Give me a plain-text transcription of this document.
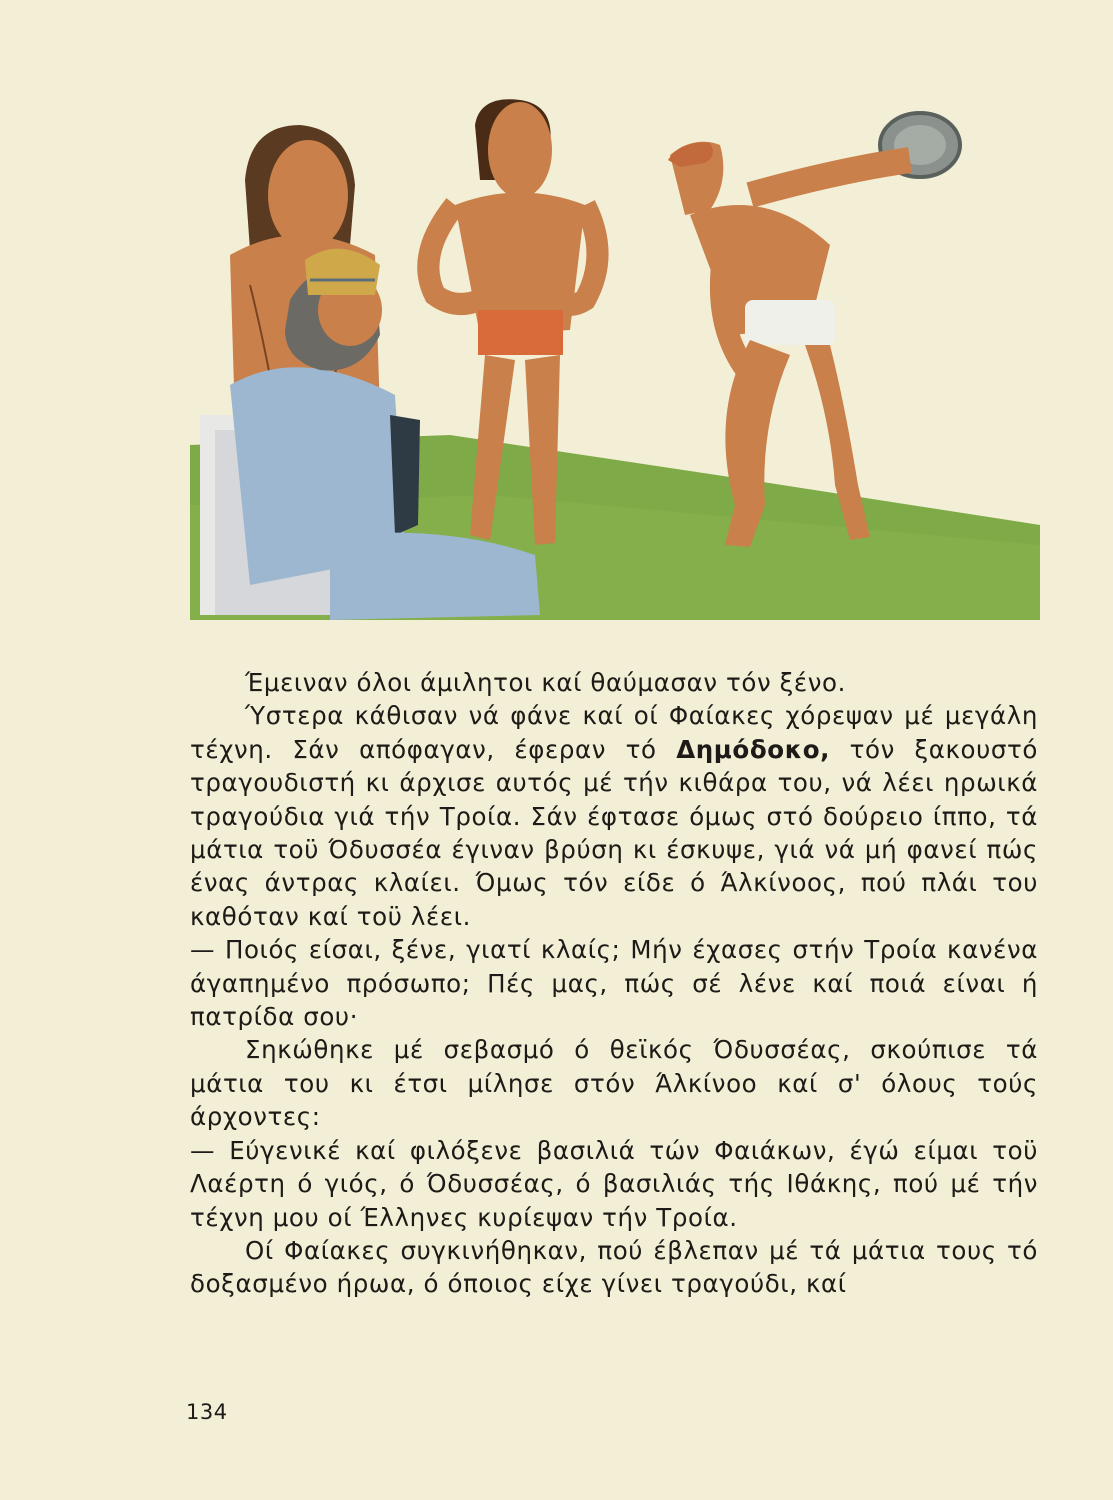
Έμειναν όλοι άμιλητοι καί θαύμασαν τόν ξένο.

Ύστερα κάθισαν νά φάνε καί οί Φαίακες χόρεψαν μέ μεγάλη τέχνη. Σάν απόφαγαν, έφεραν τό Δημόδοκο, τόν ξακουστό τραγουδιστή κι άρχισε αυτός μέ τήν κιθάρα του, νά λέει ηρωικά τραγούδια γιά τήν Τροία. Σάν έφτασε όμως στό δούρειο ίππο, τά μάτια τοϋ Όδυσσέα έγιναν βρύση κι έσκυψε, γιά νά μή φανεί πώς ένας άντρας κλαίει. Όμως τόν είδε ό Άλκίνοος, πού πλάι του καθόταν καί τοϋ λέει.

— Ποιός είσαι, ξένε, γιατί κλαίς; Μήν έχασες στήν Τροία κανένα άγαπημένο πρόσωπο; Πές μας, πώς σέ λένε καί ποιά είναι ή πατρίδα σου·

Σηκώθηκε μέ σεβασμό ό θεϊκός Όδυσσέας, σκούπισε τά μάτια του κι έτσι μίλησε στόν Άλκίνοο καί σ' όλους τούς άρχοντες:

— Εύγενικέ καί φιλόξενε βασιλιά τών Φαιάκων, έγώ είμαι τοϋ Λαέρτη ό γιός, ό Όδυσσέας, ό βασιλιάς τής Ιθάκης, πού μέ τήν τέχνη μου οί Έλληνες κυρίεψαν τήν Τροία.

Οί Φαίακες συγκινήθηκαν, πού έβλεπαν μέ τά μάτια τους τό δοξασμένο ήρωα, ό όποιος είχε γίνει τραγούδι, καί

134
